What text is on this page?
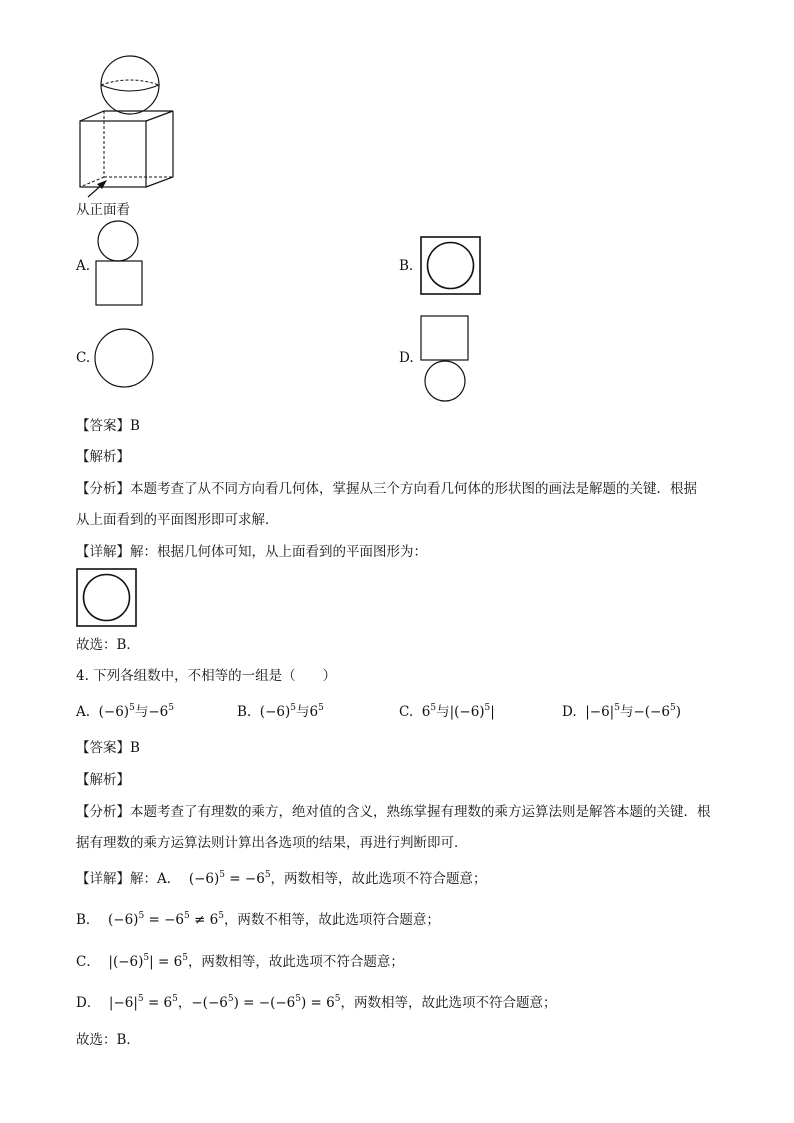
从正面看
A.	B.
C.	D.
【答案】B
【解析】
【分析】本题考查了从不同方向看几何体，掌握从三个方向看几何体的形状图的画法是解题的关键．根据
从上面看到的平面图形即可求解．
【详解】解：根据几何体可知，从上面看到的平面图形为：
故选：B．
4. 下列各组数中，不相等的一组是（　　）
A.  $(-6)^5$与$-6^5$	B.  $(-6)^5$与$6^5$	C.  $6^5$与$|(-6)^5|$	D.  $|-6|^5$与$-(-6^5)$
【答案】B
【解析】
【分析】本题考查了有理数的乘方，绝对值的含义，熟练掌握有理数的乘方运算法则是解答本题的关键．根
据有理数的乘方运算法则计算出各选项的结果，再进行判断即可．
【详解】解：A．  $(-6)^5 = -6^5$，两数相等，故此选项不符合题意；
B．  $(-6)^5 = -6^5 \ne 6^5$，两数不相等，故此选项符合题意；
C．  $|(-6)^5| = 6^5$，两数相等，故此选项不符合题意；
D．  $|-6|^5 = 6^5$，$-(-6^5) = -(-6^5) = 6^5$，两数相等，故此选项不符合题意；
故选：B．
